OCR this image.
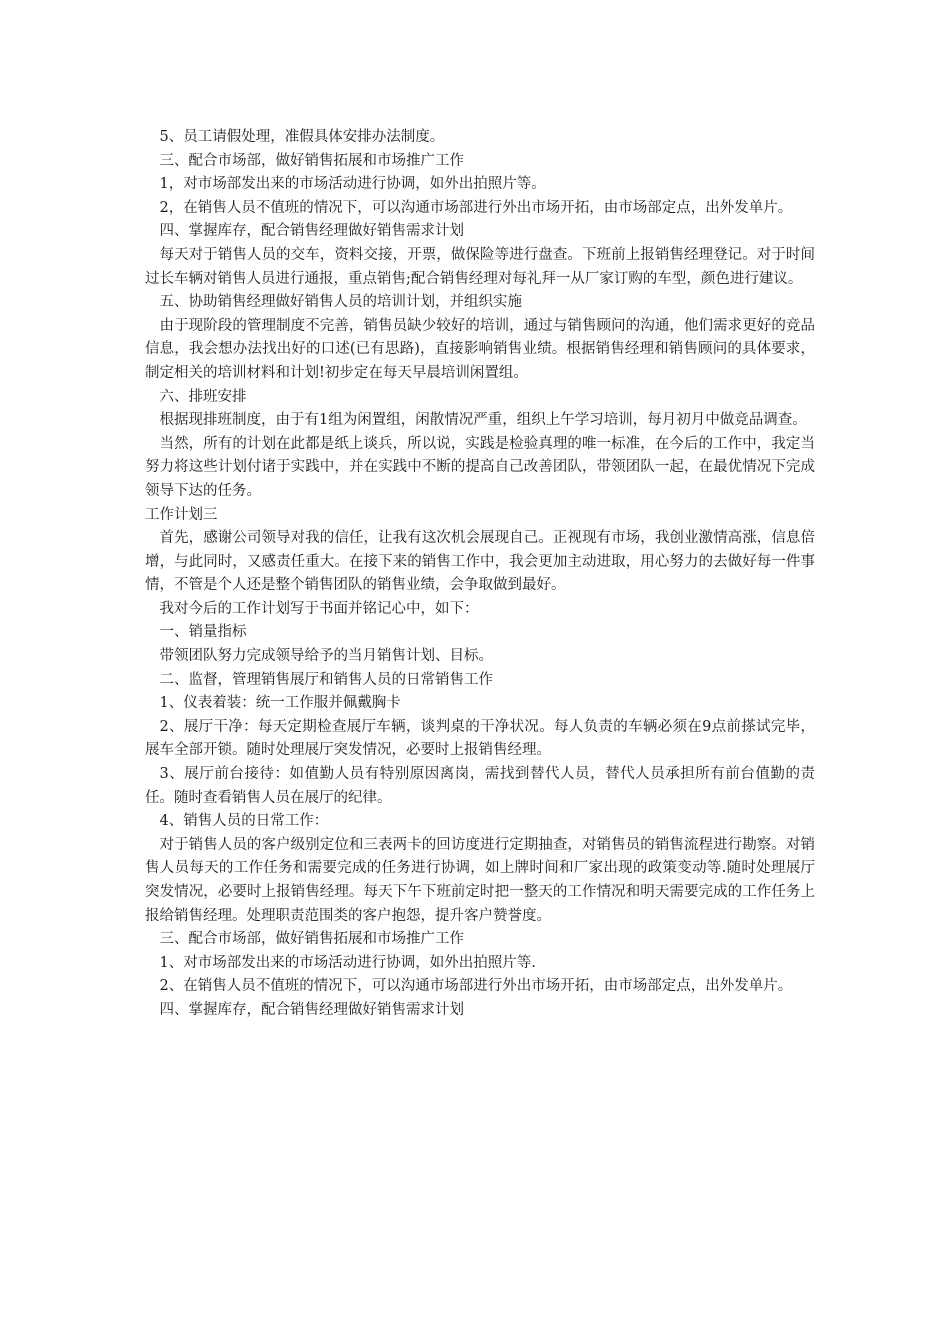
5、员工请假处理，准假具体安排办法制度。

三、配合市场部，做好销售拓展和市场推广工作

1，对市场部发出来的市场活动进行协调，如外出拍照片等。

2，在销售人员不值班的情况下，可以沟通市场部进行外出市场开拓，由市场部定点，出外发单片。

四、掌握库存，配合销售经理做好销售需求计划

每天对于销售人员的交车，资料交接，开票，做保险等进行盘查。下班前上报销售经理登记。对于时间过长车辆对销售人员进行通报，重点销售;配合销售经理对每礼拜一从厂家订购的车型，颜色进行建议。

五、协助销售经理做好销售人员的培训计划，并组织实施

由于现阶段的管理制度不完善，销售员缺少较好的培训，通过与销售顾问的沟通，他们需求更好的竞品信息，我会想办法找出好的口述(已有思路)，直接影响销售业绩。根据销售经理和销售顾问的具体要求，制定相关的培训材料和计划!初步定在每天早晨培训闲置组。

六、排班安排

根据现排班制度，由于有1组为闲置组，闲散情况严重，组织上午学习培训，每月初月中做竞品调查。

当然，所有的计划在此都是纸上谈兵，所以说，实践是检验真理的唯一标准，在今后的工作中，我定当努力将这些计划付诸于实践中，并在实践中不断的提高自己改善团队，带领团队一起，在最优情况下完成领导下达的任务。

工作计划三

首先，感谢公司领导对我的信任，让我有这次机会展现自己。正视现有市场，我创业激情高涨，信息倍增，与此同时，又感责任重大。在接下来的销售工作中，我会更加主动进取，用心努力的去做好每一件事情，不管是个人还是整个销售团队的销售业绩，会争取做到最好。

我对今后的工作计划写于书面并铭记心中，如下：

一、销量指标

带领团队努力完成领导给予的当月销售计划、目标。

二、监督，管理销售展厅和销售人员的日常销售工作

1、仪表着装：统一工作服并佩戴胸卡

2、展厅干净：每天定期检查展厅车辆，谈判桌的干净状况。每人负责的车辆必须在9点前搽试完毕，展车全部开锁。随时处理展厅突发情况，必要时上报销售经理。

3、展厅前台接待：如值勤人员有特别原因离岗，需找到替代人员，替代人员承担所有前台值勤的责任。随时查看销售人员在展厅的纪律。

4、销售人员的日常工作：

对于销售人员的客户级别定位和三表两卡的回访度进行定期抽查，对销售员的销售流程进行勘察。对销售人员每天的工作任务和需要完成的任务进行协调，如上牌时间和厂家出现的政策变动等.随时处理展厅突发情况，必要时上报销售经理。每天下午下班前定时把一整天的工作情况和明天需要完成的工作任务上报给销售经理。处理职责范围类的客户抱怨，提升客户赞誉度。

三、配合市场部，做好销售拓展和市场推广工作

1、对市场部发出来的市场活动进行协调，如外出拍照片等.

2、在销售人员不值班的情况下，可以沟通市场部进行外出市场开拓，由市场部定点，出外发单片。

四、掌握库存，配合销售经理做好销售需求计划
